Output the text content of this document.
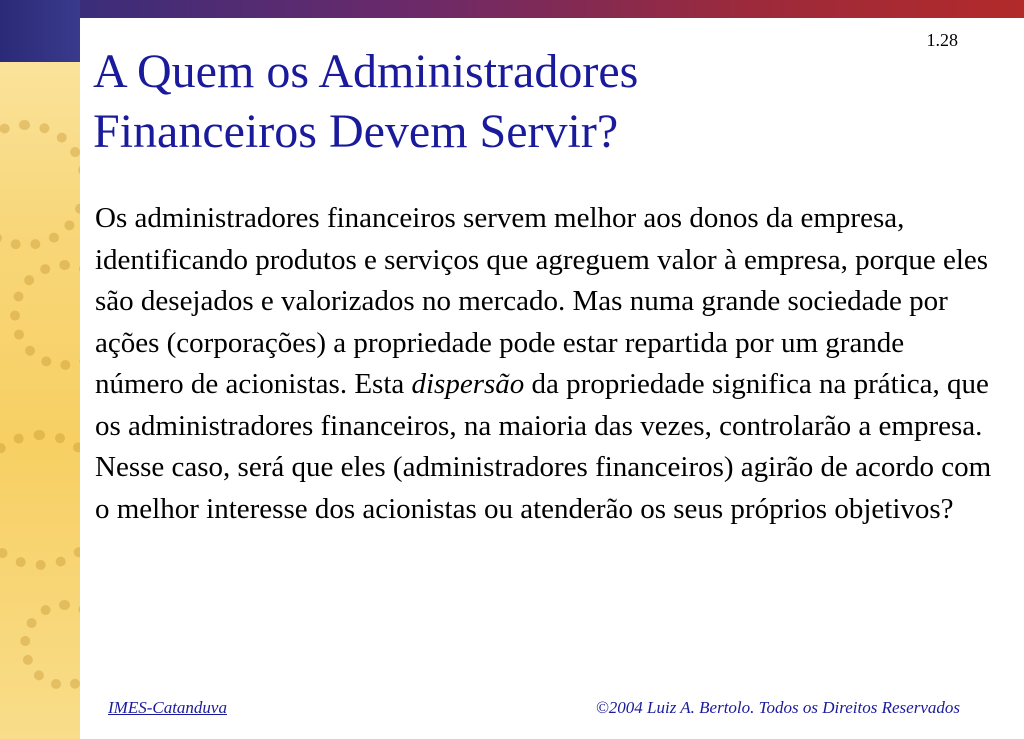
1.28
A Quem os Administradores
Financeiros Devem Servir?

Os administradores financeiros servem melhor aos donos da empresa, identificando produtos e serviços que agreguem valor à empresa, porque eles são desejados e valorizados no mercado. Mas numa grande sociedade por ações (corporações) a propriedade pode estar repartida por um grande número de acionistas. Esta dispersão da propriedade significa na prática, que os administradores financeiros, na maioria das vezes, controlarão a empresa. Nesse caso, será que eles (administradores financeiros) agirão de acordo com o melhor interesse dos acionistas ou atenderão os seus próprios objetivos?

IMES-Catanduva	©2004 Luiz A. Bertolo. Todos os Direitos Reservados
